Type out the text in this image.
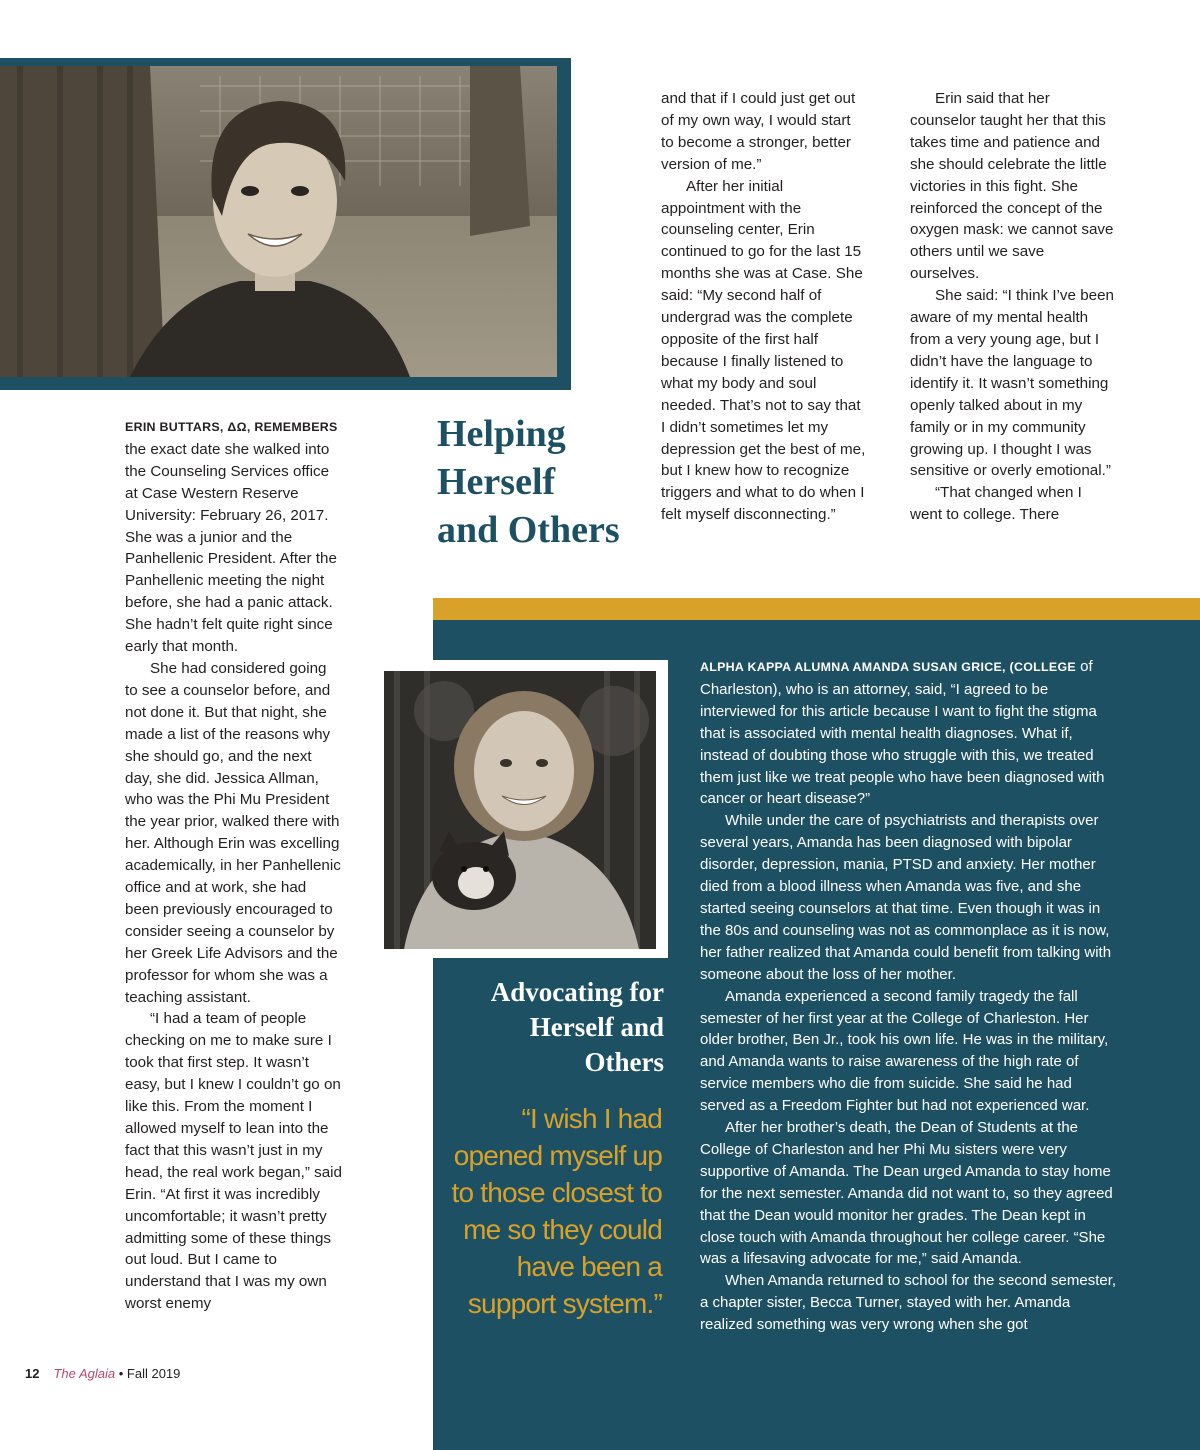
ERIN BUTTARS, ΔΩ, REMEMBERS the exact date she walked into the Counseling Services office at Case Western Reserve University: February 26, 2017. She was a junior and the Panhellenic President. After the Panhellenic meeting the night before, she had a panic attack. She hadn’t felt quite right since early that month.

She had considered going to see a counselor before, and not done it. But that night, she made a list of the reasons why she should go, and the next day, she did. Jessica Allman, who was the Phi Mu President the year prior, walked there with her. Although Erin was excelling academically, in her Panhellenic office and at work, she had been previously encouraged to consider seeing a counselor by her Greek Life Advisors and the professor for whom she was a teaching assistant.

“I had a team of people checking on me to make sure I took that first step. It wasn’t easy, but I knew I couldn’t go on like this. From the moment I allowed myself to lean into the fact that this wasn’t just in my head, the real work began,” said Erin. “At first it was incredibly uncomfortable; it wasn’t pretty admitting some of these things out loud. But I came to understand that I was my own worst enemy

Helping
Herself
and Others

and that if I could just get out of my own way, I would start to become a stronger, better version of me.”

After her initial appointment with the counseling center, Erin continued to go for the last 15 months she was at Case. She said: “My second half of undergrad was the complete opposite of the first half because I finally listened to what my body and soul needed. That’s not to say that I didn’t sometimes let my depression get the best of me, but I knew how to recognize triggers and what to do when I felt myself disconnecting.”

Erin said that her counselor taught her that this takes time and patience and she should celebrate the little victories in this fight. She reinforced the concept of the oxygen mask: we cannot save others until we save ourselves.

She said: “I think I’ve been aware of my mental health from a very young age, but I didn’t have the language to identify it. It wasn’t something openly talked about in my family or in my community growing up. I thought I was sensitive or overly emotional.”

“That changed when I went to college. There

Advocating for
Herself and
Others
“I wish I had opened myself up to those closest to me so they could have been a support system.”

ALPHA KAPPA ALUMNA AMANDA SUSAN GRICE, (COLLEGE of Charleston), who is an attorney, said, “I agreed to be interviewed for this article because I want to fight the stigma that is associated with mental health diagnoses. What if, instead of doubting those who struggle with this, we treated them just like we treat people who have been diagnosed with cancer or heart disease?”

While under the care of psychiatrists and therapists over several years, Amanda has been diagnosed with bipolar disorder, depression, mania, PTSD and anxiety. Her mother died from a blood illness when Amanda was five, and she started seeing counselors at that time. Even though it was in the 80s and counseling was not as commonplace as it is now, her father realized that Amanda could benefit from talking with someone about the loss of her mother.

Amanda experienced a second family tragedy the fall semester of her first year at the College of Charleston. Her older brother, Ben Jr., took his own life. He was in the military, and Amanda wants to raise awareness of the high rate of service members who die from suicide. She said he had served as a Freedom Fighter but had not experienced war.

After her brother’s death, the Dean of Students at the College of Charleston and her Phi Mu sisters were very supportive of Amanda. The Dean urged Amanda to stay home for the next semester. Amanda did not want to, so they agreed that the Dean would monitor her grades. The Dean kept in close touch with Amanda throughout her college career. “She was a lifesaving advocate for me,” said Amanda.

When Amanda returned to school for the second semester, a chapter sister, Becca Turner, stayed with her. Amanda realized something was very wrong when she got

12 The Aglaia • Fall 2019
